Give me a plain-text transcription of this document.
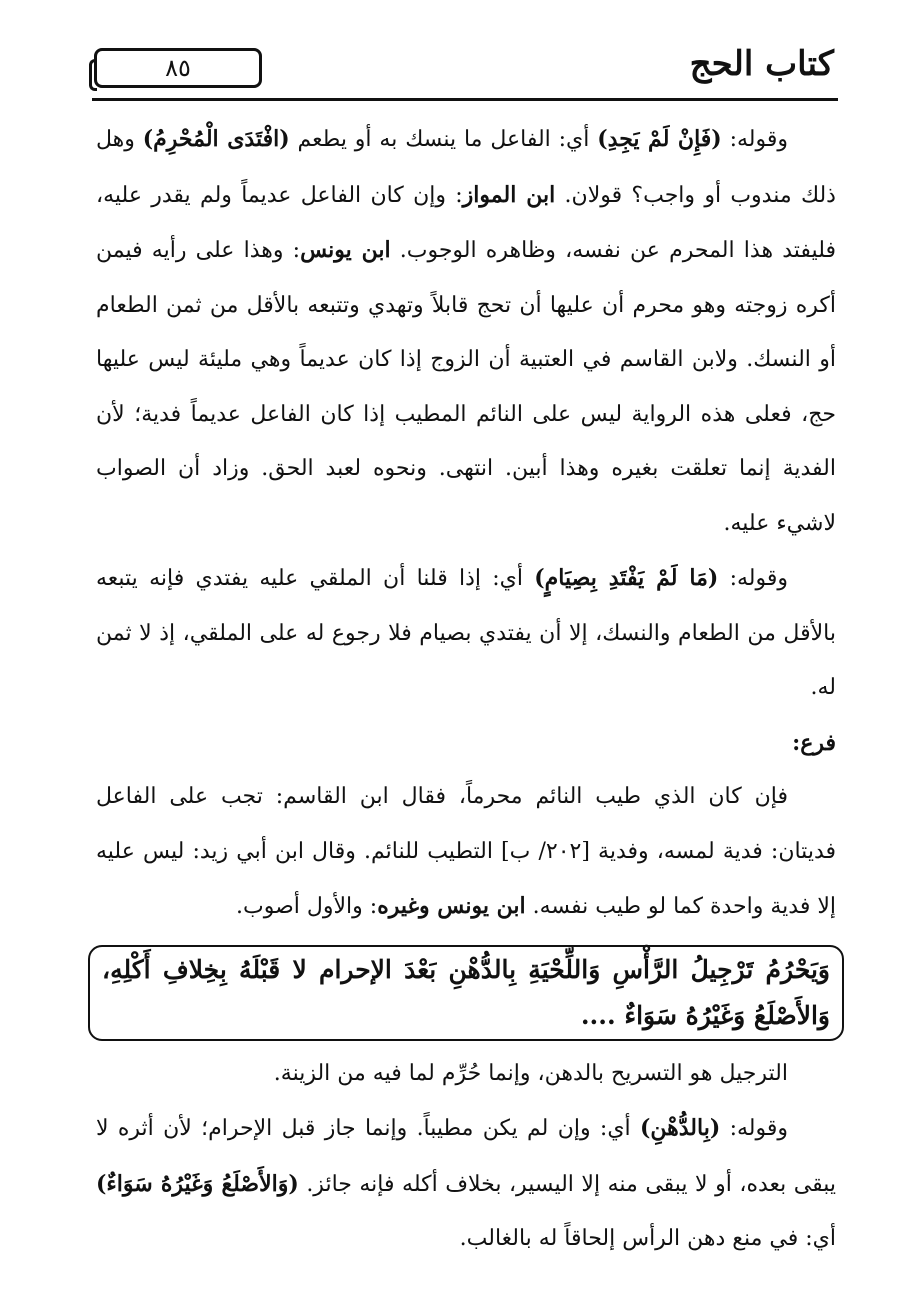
٨٥	كتاب الحج

وقوله: (فَإِنْ لَمْ يَجِدِ) أي: الفاعل ما ينسك به أو يطعم (افْتَدَى الْمُحْرِمُ) وهل ذلك مندوب أو واجب؟ قولان. ابن المواز: وإن كان الفاعل عديماً ولم يقدر عليه، فليفتد هذا المحرم عن نفسه، وظاهره الوجوب. ابن يونس: وهذا على رأيه فيمن أكره زوجته وهو محرم أن عليها أن تحج قابلاً وتهدي وتتبعه بالأقل من ثمن الطعام أو النسك. ولابن القاسم في العتبية أن الزوج إذا كان عديماً وهي مليئة ليس عليها حج، فعلى هذه الرواية ليس على النائم المطيب إذا كان الفاعل عديماً فدية؛ لأن الفدية إنما تعلقت بغيره وهذا أبين. انتهى. ونحوه لعبد الحق. وزاد أن الصواب لاشيء عليه.

وقوله: (مَا لَمْ يَفْتَدِ بِصِيَامٍ) أي: إذا قلنا أن الملقي عليه يفتدي فإنه يتبعه بالأقل من الطعام والنسك، إلا أن يفتدي بصيام فلا رجوع له على الملقي، إذ لا ثمن له.

فرع:

فإن كان الذي طيب النائم محرماً، فقال ابن القاسم: تجب على الفاعل فديتان: فدية لمسه، وفدية [٢٠٢/ ب] التطيب للنائم. وقال ابن أبي زيد: ليس عليه إلا فدية واحدة كما لو طيب نفسه. ابن يونس وغيره: والأول أصوب.

وَيَحْرُمُ تَرْجِيلُ الرَّأْسِ وَاللِّحْيَةِ بِالدُّهْنِ بَعْدَ الإحرام لا قَبْلَهُ بِخِلافِ أَكْلِهِ، وَالأَصْلَعُ وَغَيْرُهُ سَوَاءٌ ....

الترجيل هو التسريح بالدهن، وإنما حُرِّم لما فيه من الزينة.

وقوله: (بِالدُّهْنِ) أي: وإن لم يكن مطيباً. وإنما جاز قبل الإحرام؛ لأن أثره لا يبقى بعده، أو لا يبقى منه إلا اليسير، بخلاف أكله فإنه جائز. (وَالأَصْلَعُ وَغَيْرُهُ سَوَاءٌ) أي: في منع دهن الرأس إلحاقاً له بالغالب.
